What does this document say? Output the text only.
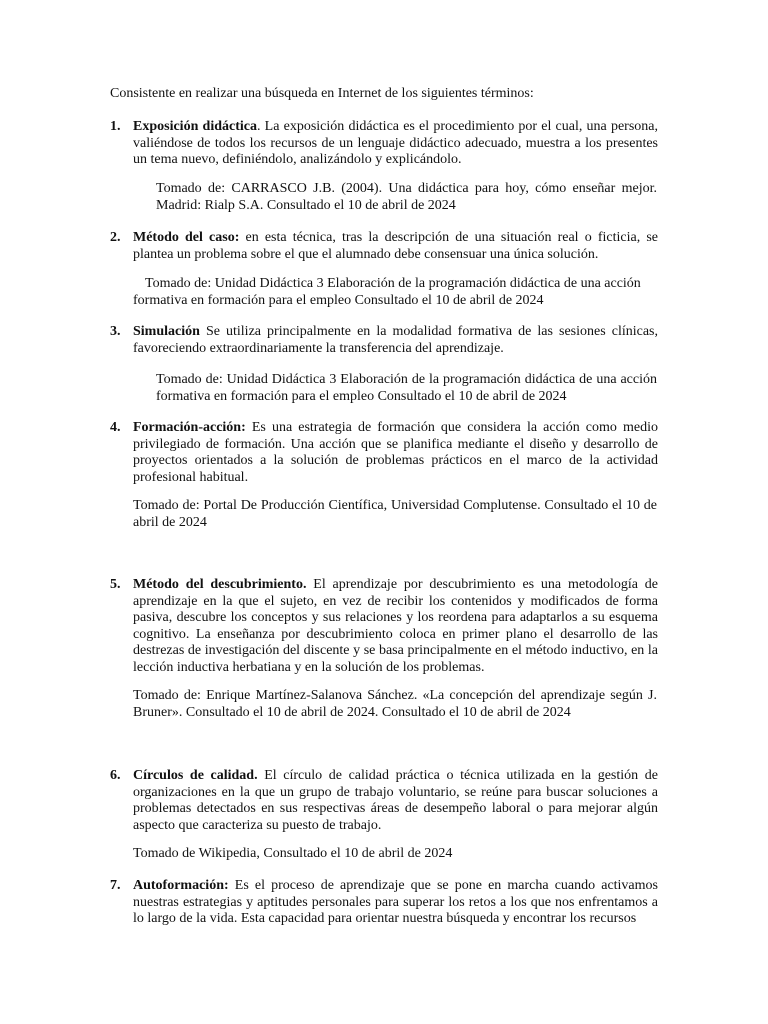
Consistente en realizar una búsqueda en Internet de los siguientes términos:
1. Exposición didáctica. La exposición didáctica es el procedimiento por el cual, una persona, valiéndose de todos los recursos de un lenguaje didáctico adecuado, muestra a los presentes un tema nuevo, definiéndolo, analizándolo y explicándolo.
Tomado de: CARRASCO J.B. (2004). Una didáctica para hoy, cómo enseñar mejor. Madrid: Rialp S.A. Consultado el 10 de abril de 2024
2. Método del caso: en esta técnica, tras la descripción de una situación real o ficticia, se plantea un problema sobre el que el alumnado debe consensuar una única solución.
Tomado de: Unidad Didáctica 3 Elaboración de la programación didáctica de una acción formativa en formación para el empleo Consultado el 10 de abril de 2024
3. Simulación Se utiliza principalmente en la modalidad formativa de las sesiones clínicas, favoreciendo extraordinariamente la transferencia del aprendizaje.
Tomado de: Unidad Didáctica 3 Elaboración de la programación didáctica de una acción formativa en formación para el empleo Consultado el 10 de abril de 2024
4. Formación-acción: Es una estrategia de formación que considera la acción como medio privilegiado de formación. Una acción que se planifica mediante el diseño y desarrollo de proyectos orientados a la solución de problemas prácticos en el marco de la actividad profesional habitual.
Tomado de: Portal De Producción Científica, Universidad Complutense. Consultado el 10 de abril de 2024
5. Método del descubrimiento. El aprendizaje por descubrimiento es una metodología de aprendizaje en la que el sujeto, en vez de recibir los contenidos y modificados de forma pasiva, descubre los conceptos y sus relaciones y los reordena para adaptarlos a su esquema cognitivo. La enseñanza por descubrimiento coloca en primer plano el desarrollo de las destrezas de investigación del discente y se basa principalmente en el método inductivo, en la lección inductiva herbatiana y en la solución de los problemas.
Tomado de: Enrique Martínez-Salanova Sánchez. «La concepción del aprendizaje según J. Bruner». Consultado el 10 de abril de 2024. Consultado el 10 de abril de 2024
6. Círculos de calidad. El círculo de calidad práctica o técnica utilizada en la gestión de organizaciones en la que un grupo de trabajo voluntario, se reúne para buscar soluciones a problemas detectados en sus respectivas áreas de desempeño laboral o para mejorar algún aspecto que caracteriza su puesto de trabajo.
Tomado de Wikipedia, Consultado el 10 de abril de 2024
7. Autoformación: Es el proceso de aprendizaje que se pone en marcha cuando activamos nuestras estrategias y aptitudes personales para superar los retos a los que nos enfrentamos a lo largo de la vida. Esta capacidad para orientar nuestra búsqueda y encontrar los recursos
